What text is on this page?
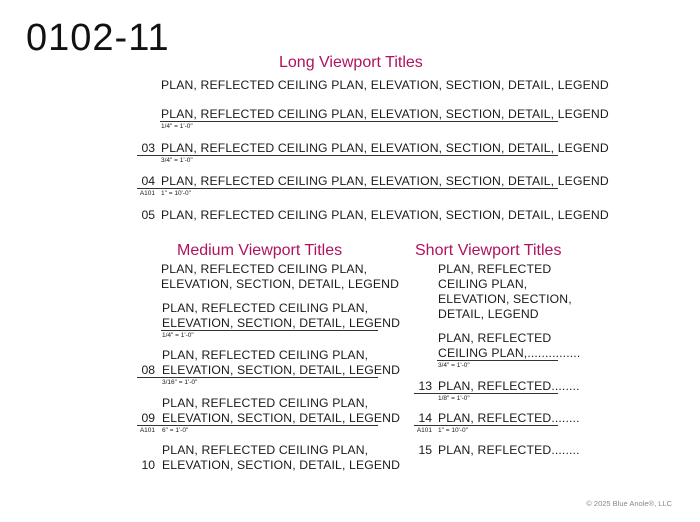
0102-11
Long Viewport Titles
PLAN, REFLECTED CEILING PLAN, ELEVATION, SECTION, DETAIL, LEGEND
PLAN, REFLECTED CEILING PLAN, ELEVATION, SECTION, DETAIL, LEGEND
1/4" = 1'-0"
03 PLAN, REFLECTED CEILING PLAN, ELEVATION, SECTION, DETAIL, LEGEND
3/4" = 1'-0"
04 PLAN, REFLECTED CEILING PLAN, ELEVATION, SECTION, DETAIL, LEGEND
A101 1" = 10'-0"
05 PLAN, REFLECTED CEILING PLAN, ELEVATION, SECTION, DETAIL, LEGEND
Medium Viewport Titles
PLAN, REFLECTED CEILING PLAN,
ELEVATION, SECTION, DETAIL, LEGEND
PLAN, REFLECTED CEILING PLAN,
ELEVATION, SECTION, DETAIL, LEGEND
1/4" = 1'-0"
PLAN, REFLECTED CEILING PLAN,
08 ELEVATION, SECTION, DETAIL, LEGEND
3/16" = 1'-0"
PLAN, REFLECTED CEILING PLAN,
09 ELEVATION, SECTION, DETAIL, LEGEND
A101 6" = 1'-0"
PLAN, REFLECTED CEILING PLAN,
10 ELEVATION, SECTION, DETAIL, LEGEND
Short Viewport Titles
PLAN, REFLECTED
CEILING PLAN,
ELEVATION, SECTION,
DETAIL, LEGEND
PLAN, REFLECTED
CEILING PLAN,...............
3/4" = 1'-0"
13 PLAN, REFLECTED........
1/8" = 1'-0"
14 PLAN, REFLECTED........
A101 1" = 10'-0"
15 PLAN, REFLECTED........
© 2025 Blue Anole®, LLC
